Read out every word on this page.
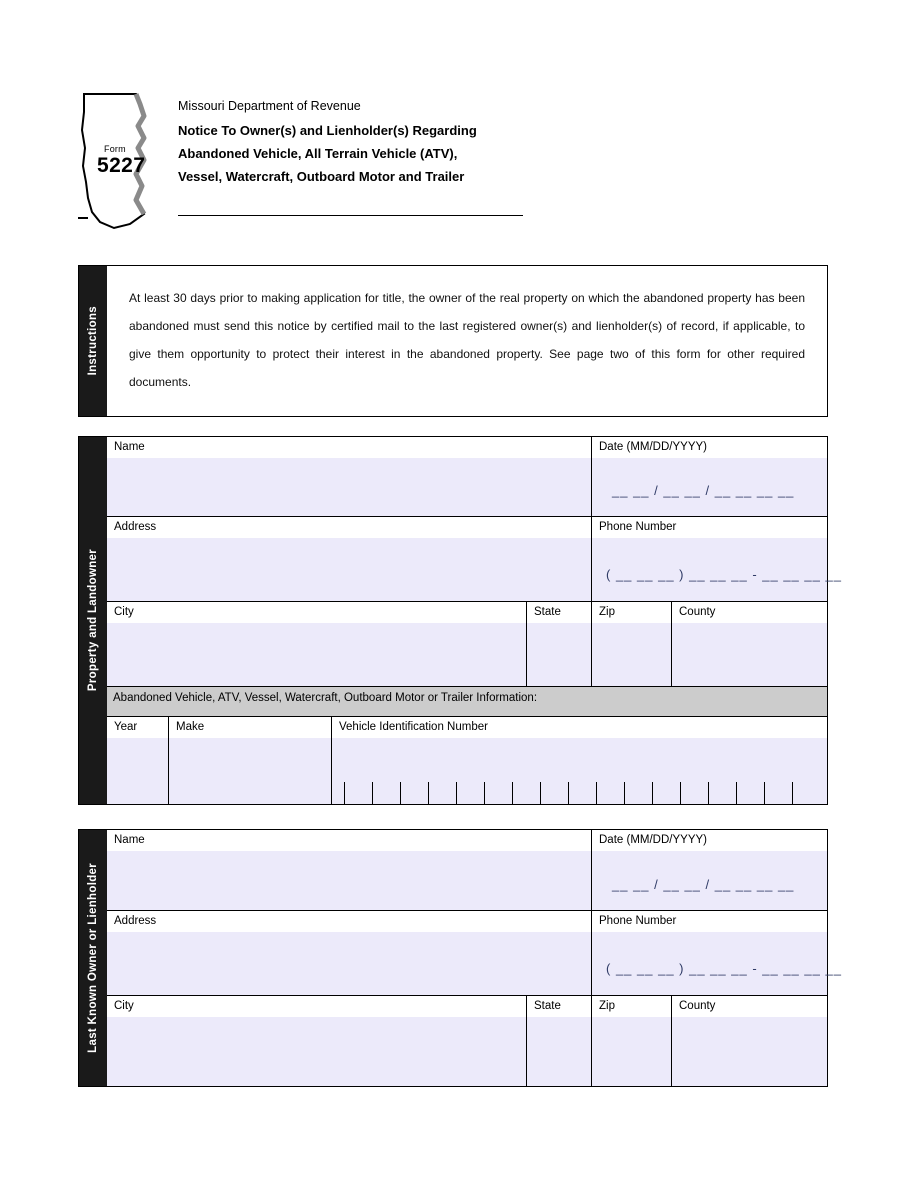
Form
5227
Missouri Department of Revenue
Notice To Owner(s) and Lienholder(s) Regarding
Abandoned Vehicle, All Terrain Vehicle (ATV),
Vessel, Watercraft, Outboard Motor and Trailer
Instructions
At least 30 days prior to making application for title, the owner of the real property on which the abandoned property has been abandoned must send this notice by certified mail to the last registered owner(s) and lienholder(s) of record, if applicable, to give them opportunity to protect their interest in the abandoned property. See page two of this form for other required documents.
Property and Landowner
Name	Date (MM/DD/YYYY)
__ __ / __ __ / __ __ __ __
Address	Phone Number
( __ __ __ ) __ __ __ - __ __ __ __
City	State	Zip	County
Abandoned Vehicle, ATV, Vessel, Watercraft, Outboard Motor or Trailer Information:
Year	Make	Vehicle Identification Number
Last Known Owner or Lienholder
Name	Date (MM/DD/YYYY)
__ __ / __ __ / __ __ __ __
Address	Phone Number
( __ __ __ ) __ __ __ - __ __ __ __
City	State	Zip	County
